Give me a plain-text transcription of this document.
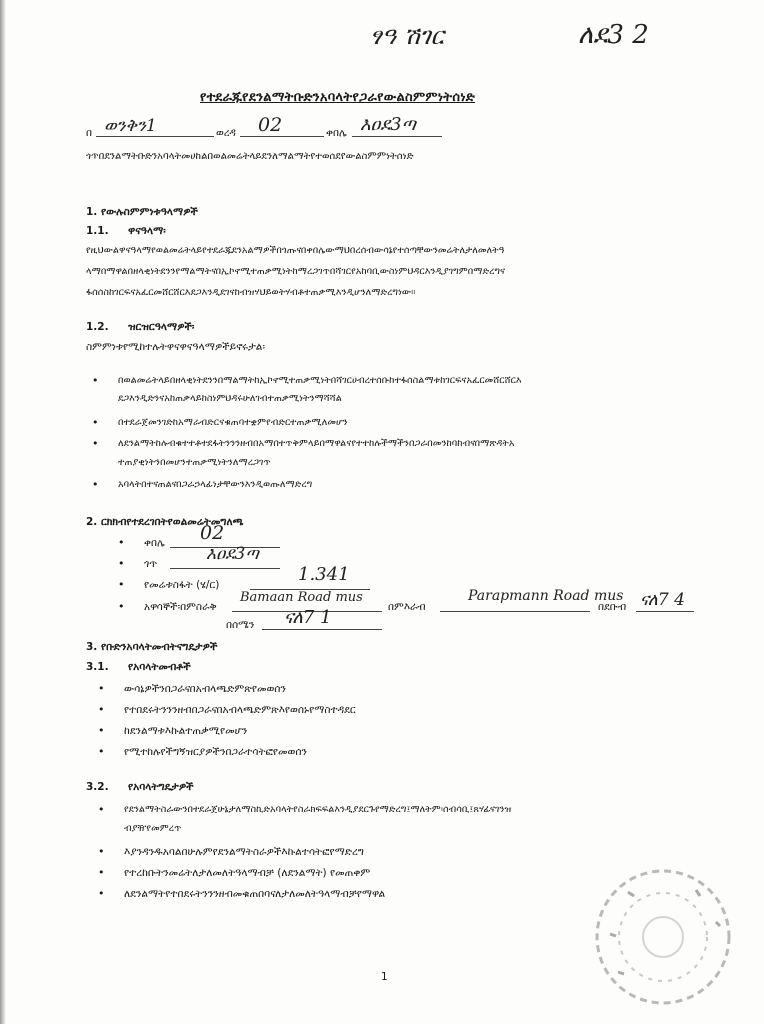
ፃዓ ሽገር	ለደ3 2
የተደራጁየደንልማትቡድንአባላትየጋራየውልስምምነትሰነድ
በ ወንቅን1	ወረዳ 02	ቀበሌ እዐደ3ጣ
ጎጥበደንልማትቡድንአባላትመሀከልበወልመሬትላይደንለማልማትየተወሰደየውልስምምነትሰነድ
1. የውሉስምምነቱዓላማዎች
1.1. ዋናዓላማ፡
የዚህውልዋናዓላማየወልመሬትላይየተደራጁደንአልማዎችበጎጡናበቀበሌውማህበረሰብውሳኔየተሰጣቸውንመሬትለታለመለትዓ
ላማበማዋልበዘላቂነትደንንየማልማትናበኢኮኖሚተጠቃሚነትከማረጋገጥበሻገርየአከባቢውስነምህዳርእንዲያገግምበማድረግና
ፋሰሰስከገርፍናአፈርመሸርሸርእደጋእንዲደገናከብዝሃህይወትሃብቶተጠቃሚእንዲሆንለማድረግነው።
1.2. ዝርዝርዓላማዎች፡
ስምምነቱየሚከተሉትዋናዋናዓላማዎችይኖሩታል፡
• በወልመሬትላይበዘላቂነትደንንበማልማትከኢኮኖሚተጠቃሚነትበሻገርሀብረተሰቡከተፋሰስልማቱከገርፍናአፈርመሸርሸርእ
ደጋእንዲድንናአከጠቃላይከስነምህዳሩሁለገብተጠቃሚነትንማሻሻል
• በተደራጀመንገድከአማራብድርናቁጠባተቋምየብድርተጠቃሚለመሆን
• ለደንልማትከሉብቁተተቶተደፋትንንንዘብበአማበተጥቅምላይበማዋልናየተተከሉችማችንበጋራበመንከባከብናበማጽዳትአ
ተጠያቂነትንበመሆንተጠቃሚነትንለማረጋገጥ
• አባላትበተናጠልናበጋራኃላፊነታቸውንእንዲወጡለማድረግ
2. ርክክብየተደረገበትየወልመሬትመግለጫ
• ቀበሌ 02
• ጎጥ	እዐደ3ጣ
• የመሬቱስፋት (ሄ/ር)	1.341
• አዋሳኞች፡በምስራቅ
Bamaan Road mus
በምእራብ
Parapmann Road mus
በደቡብ ናለ7 4
በሰሜን ናለ7 1
3. የቡድንአባላትመብትናግዴታዎች
3.1. የአባላትመብቶች
• ውሳኔዎችንበጋራናበአብላጫድምጽየመወሰን
• የተበደሩትንንንዘብበጋራናበአብላጫድምጽእየወሰኑየማስተዳደር
• ከደንልማቱእኩልተጠቃሚየመሆን
• የሚተከሉየችግኝዝርያዎችንበጋራተሳትፎየመወሰን
3.2. የአባላትግዴታዎች
• የደንልማትስራውንበተደራጀሁኔታለማስኪድአባላትየስራክፍፍልእንዲያደርጉየማድረግ፤ማለትም፡ሰብሳቢ፤ጸሃፊናገንዝ
ብያዥየመምረጥ
• እያንዳንዱአባልበሁሉምየደንልማትስራዎችእኩልተሳትፎየማድረግ
• የተረከቡትንመሬትለታለመለትዓላማብቻ (ለደንልማት) የመጠቀም
• ለደንልማትየተበደሩትንንንዘብመቁጠበባናለታለመለትዓላማብቻየማዋል
1
